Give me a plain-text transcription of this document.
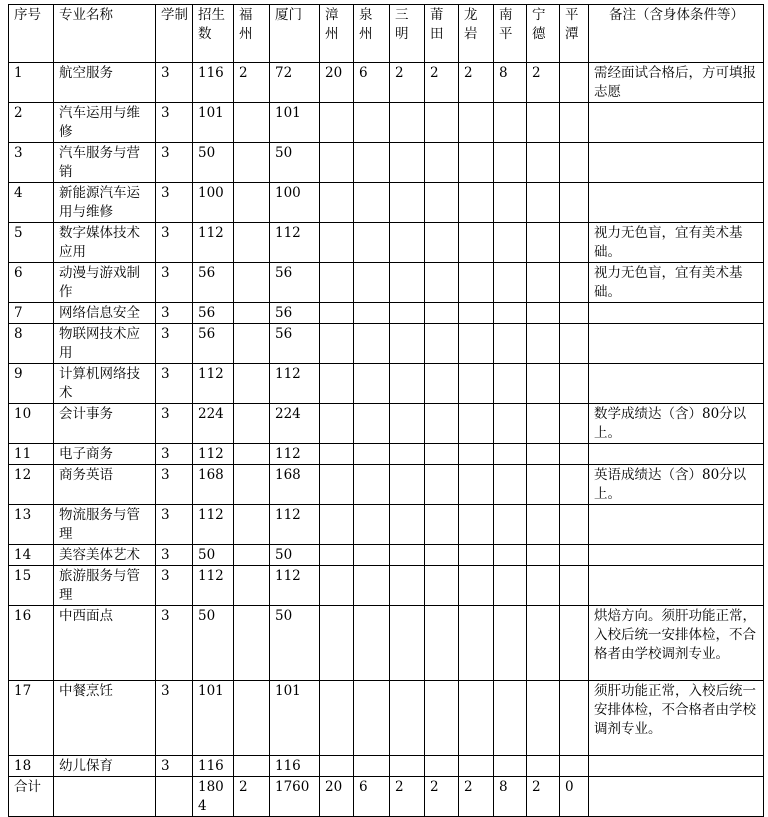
序号	专业名称	学制	招生数	福州	厦门	漳州	泉州	三明	莆田	龙岩	南平	宁德	平潭	备注（含身体条件等）
1	航空服务	3	116	2	72	20	6	2	2	2	8	2		需经面试合格后，方可填报志愿
2	汽车运用与维修	3	101		101									
3	汽车服务与营销	3	50		50									
4	新能源汽车运用与维修	3	100		100									
5	数字媒体技术应用	3	112		112									视力无色盲，宜有美术基础。
6	动漫与游戏制作	3	56		56									视力无色盲，宜有美术基础。
7	网络信息安全	3	56		56									
8	物联网技术应用	3	56		56									
9	计算机网络技术	3	112		112									
10	会计事务	3	224		224									数学成绩达（含）80分以上。
11	电子商务	3	112		112									
12	商务英语	3	168		168									英语成绩达（含）80分以上。
13	物流服务与管理	3	112		112									
14	美容美体艺术	3	50		50									
15	旅游服务与管理	3	112		112									
16	中西面点	3	50		50									烘焙方向。须肝功能正常，入校后统一安排体检，不合格者由学校调剂专业。
17	中餐烹饪	3	101		101									须肝功能正常，入校后统一安排体检，不合格者由学校调剂专业。
18	幼儿保育	3	116		116									
合计			1804	2	1760	20	6	2	2	2	8	2	0	
